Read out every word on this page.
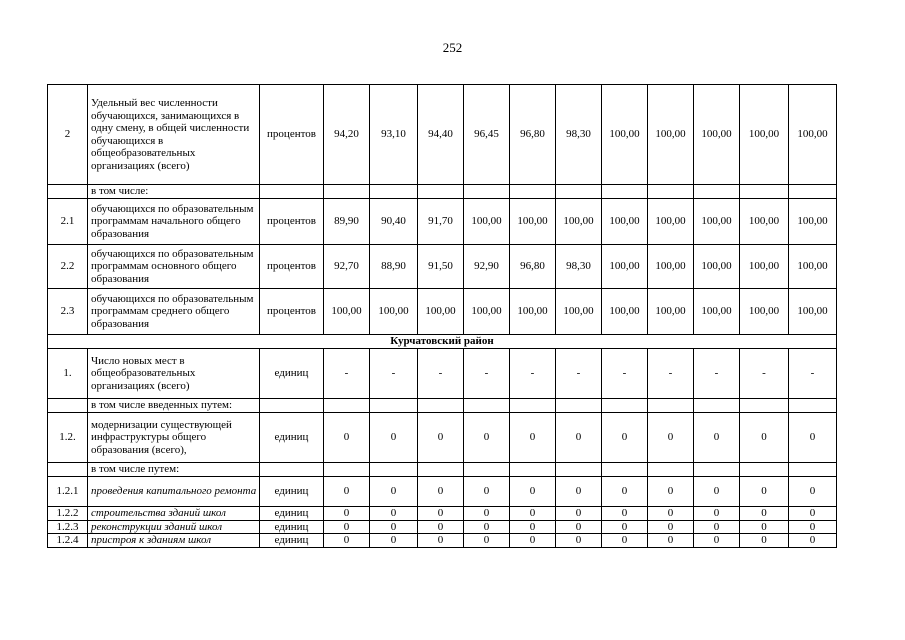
252
2	Удельный вес численности обучающихся, занимающихся в одну смену, в общей численности обучающихся в общеобразовательных организациях (всего)	процентов	94,20	93,10	94,40	96,45	96,80	98,30	100,00	100,00	100,00	100,00	100,00
	в том числе:												
2.1	обучающихся по образовательным программам начального общего образования	процентов	89,90	90,40	91,70	100,00	100,00	100,00	100,00	100,00	100,00	100,00	100,00
2.2	обучающихся по образовательным программам основного общего образования	процентов	92,70	88,90	91,50	92,90	96,80	98,30	100,00	100,00	100,00	100,00	100,00
2.3	обучающихся по образовательным программам среднего общего образования	процентов	100,00	100,00	100,00	100,00	100,00	100,00	100,00	100,00	100,00	100,00	100,00
Курчатовский район													
1.	Число новых мест в общеобразовательных организациях (всего)	единиц	-	-	-	-	-	-	-	-	-	-	-
	в том числе введенных путем:												
1.2.	модернизации существующей инфраструктуры общего образования (всего),	единиц	0	0	0	0	0	0	0	0	0	0	0
	в том числе путем:												
1.2.1	проведения капитального ремонта	единиц	0	0	0	0	0	0	0	0	0	0	0
1.2.2	строительства зданий школ	единиц	0	0	0	0	0	0	0	0	0	0	0
1.2.3	реконструкции зданий школ	единиц	0	0	0	0	0	0	0	0	0	0	0
1.2.4	пристроя к зданиям школ	единиц	0	0	0	0	0	0	0	0	0	0	0
